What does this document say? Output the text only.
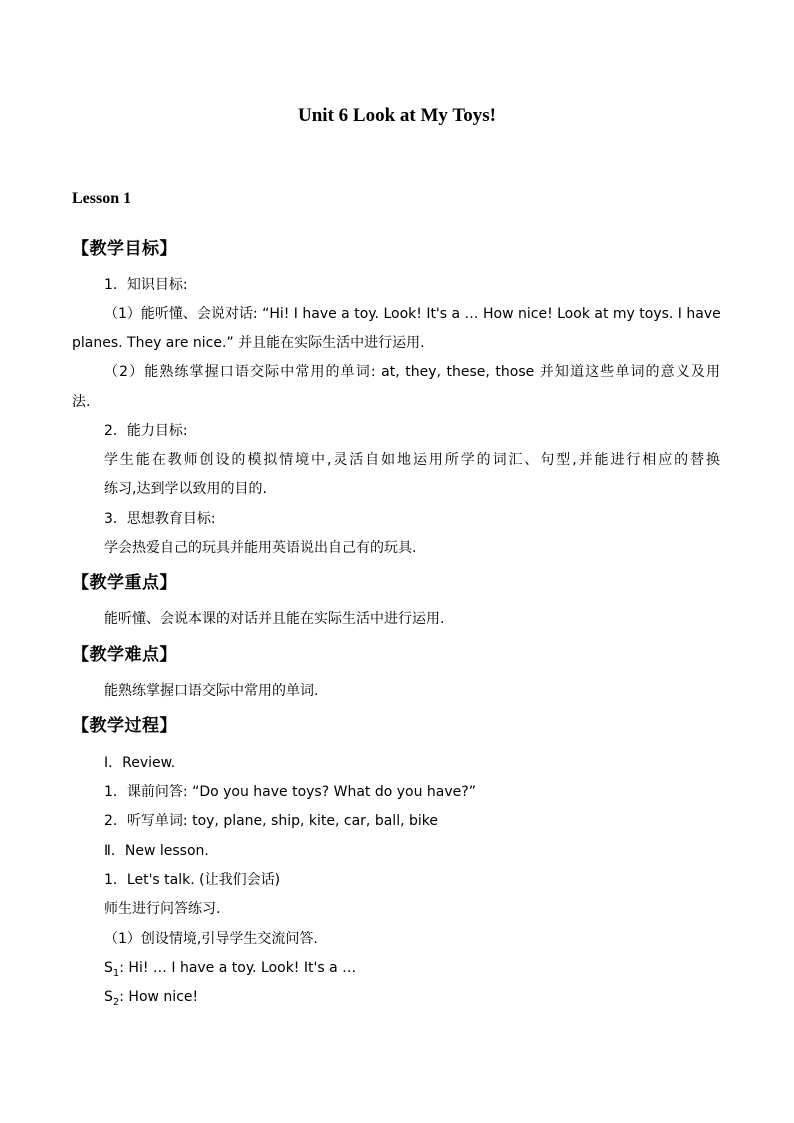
Unit 6 Look at My Toys!
Lesson 1
【教学目标】
1．知识目标:
（1）能听懂、会说对话: “Hi! I have a toy. Look! It's a … How nice! Look at my toys. I have
planes. They are nice.” 并且能在实际生活中进行运用.
（2）能熟练掌握口语交际中常用的单词: at, they, these, those 并知道这些单词的意义及用
法.
2．能力目标:
学生能在教师创设的模拟情境中,灵活自如地运用所学的词汇、句型,并能进行相应的替换
练习,达到学以致用的目的.
3．思想教育目标:
学会热爱自己的玩具并能用英语说出自己有的玩具.
【教学重点】
能听懂、会说本课的对话并且能在实际生活中进行运用.
【教学难点】
能熟练掌握口语交际中常用的单词.
【教学过程】
Ⅰ．Review.
1．课前问答: “Do you have toys? What do you have?”
2．听写单词: toy, plane, ship, kite, car, ball, bike
Ⅱ．New lesson.
1．Let's talk. (让我们会话)
师生进行问答练习.
（1）创设情境,引导学生交流问答.
$S_1$: Hi! … I have a toy. Look! It's a …
$S_2$: How nice!
